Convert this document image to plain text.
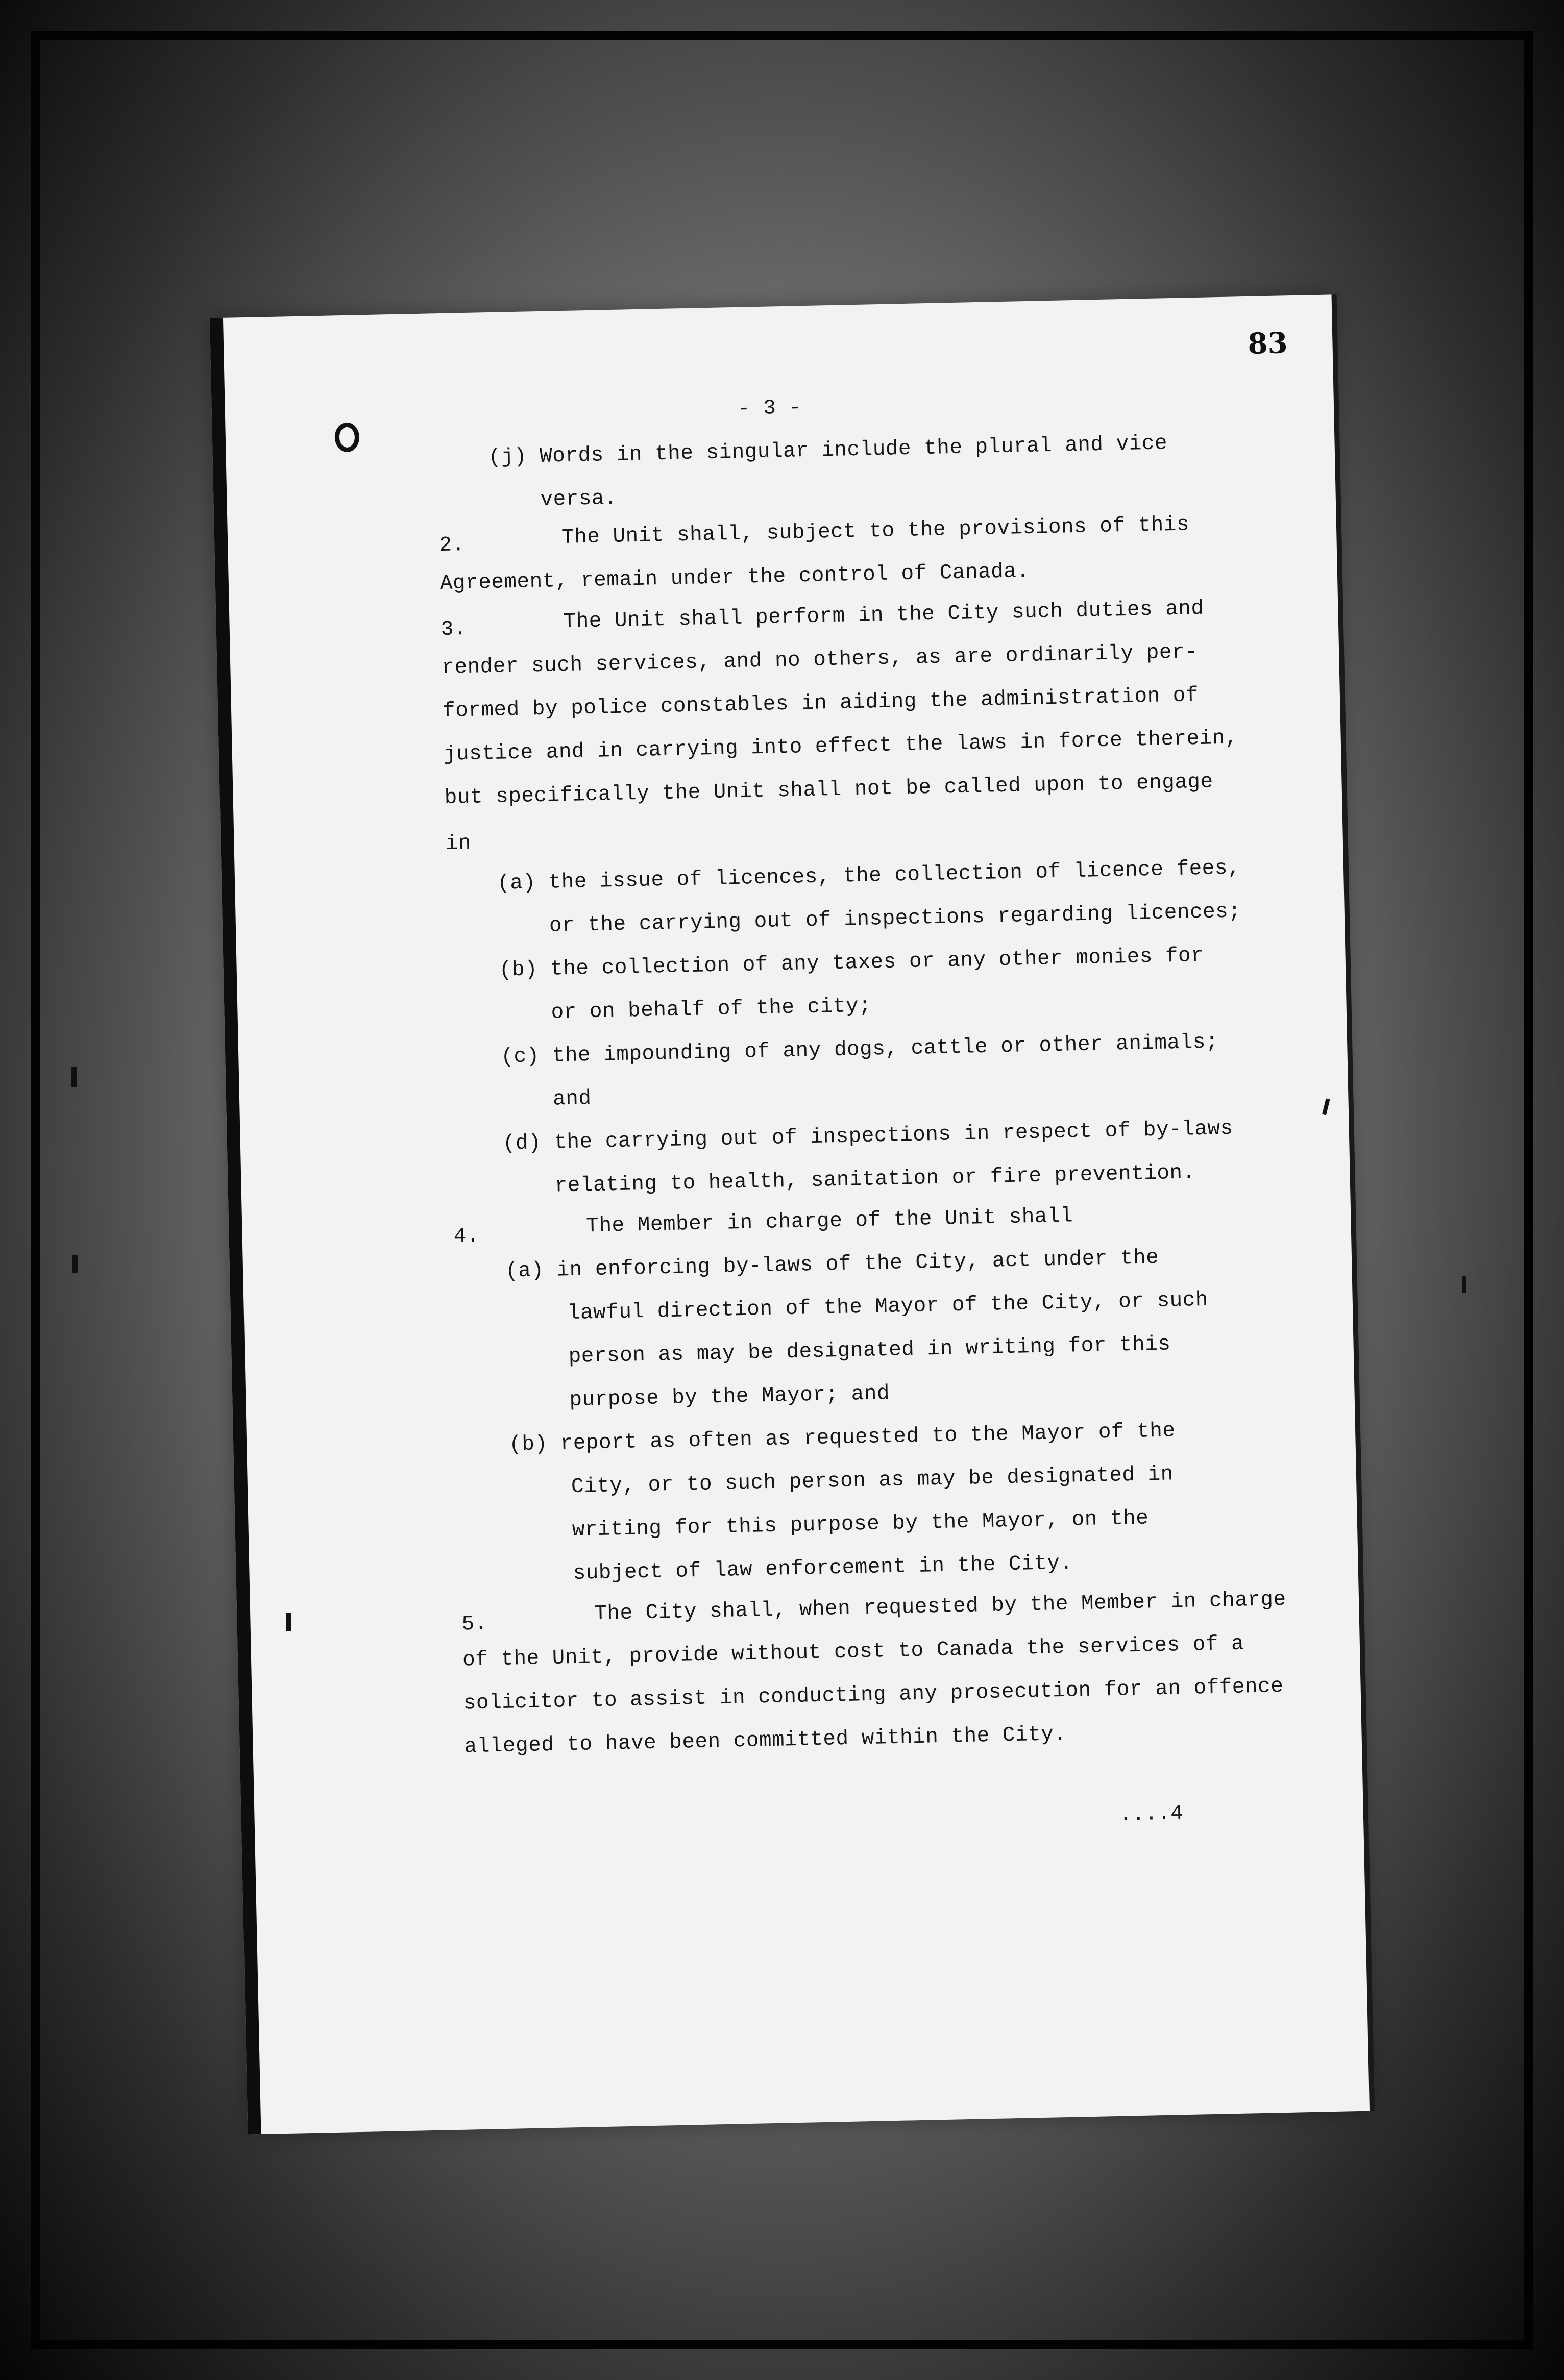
83
- 3 -
(j) Words in the singular include the plural and vice
versa.
2.	The Unit shall, subject to the provisions of this
Agreement, remain under the control of Canada.
3.	The Unit shall perform in the City such duties and
render such services, and no others, as are ordinarily per-
formed by police constables in aiding the administration of
justice and in carrying into effect the laws in force therein,
but specifically the Unit shall not be called upon to engage
in
(a) the issue of licences, the collection of licence fees,
or the carrying out of inspections regarding licences;
(b) the collection of any taxes or any other monies for
or on behalf of the city;
(c) the impounding of any dogs, cattle or other animals;
and
(d) the carrying out of inspections in respect of by-laws
relating to health, sanitation or fire prevention.
4.	The Member in charge of the Unit shall
(a) in enforcing by-laws of the City, act under the
lawful direction of the Mayor of the City, or such
person as may be designated in writing for this
purpose by the Mayor; and
(b) report as often as requested to the Mayor of the
City, or to such person as may be designated in
writing for this purpose by the Mayor, on the
subject of law enforcement in the City.
5.	The City shall, when requested by the Member in charge
of the Unit, provide without cost to Canada the services of a
solicitor to assist in conducting any prosecution for an offence
alleged to have been committed within the City.
....4
